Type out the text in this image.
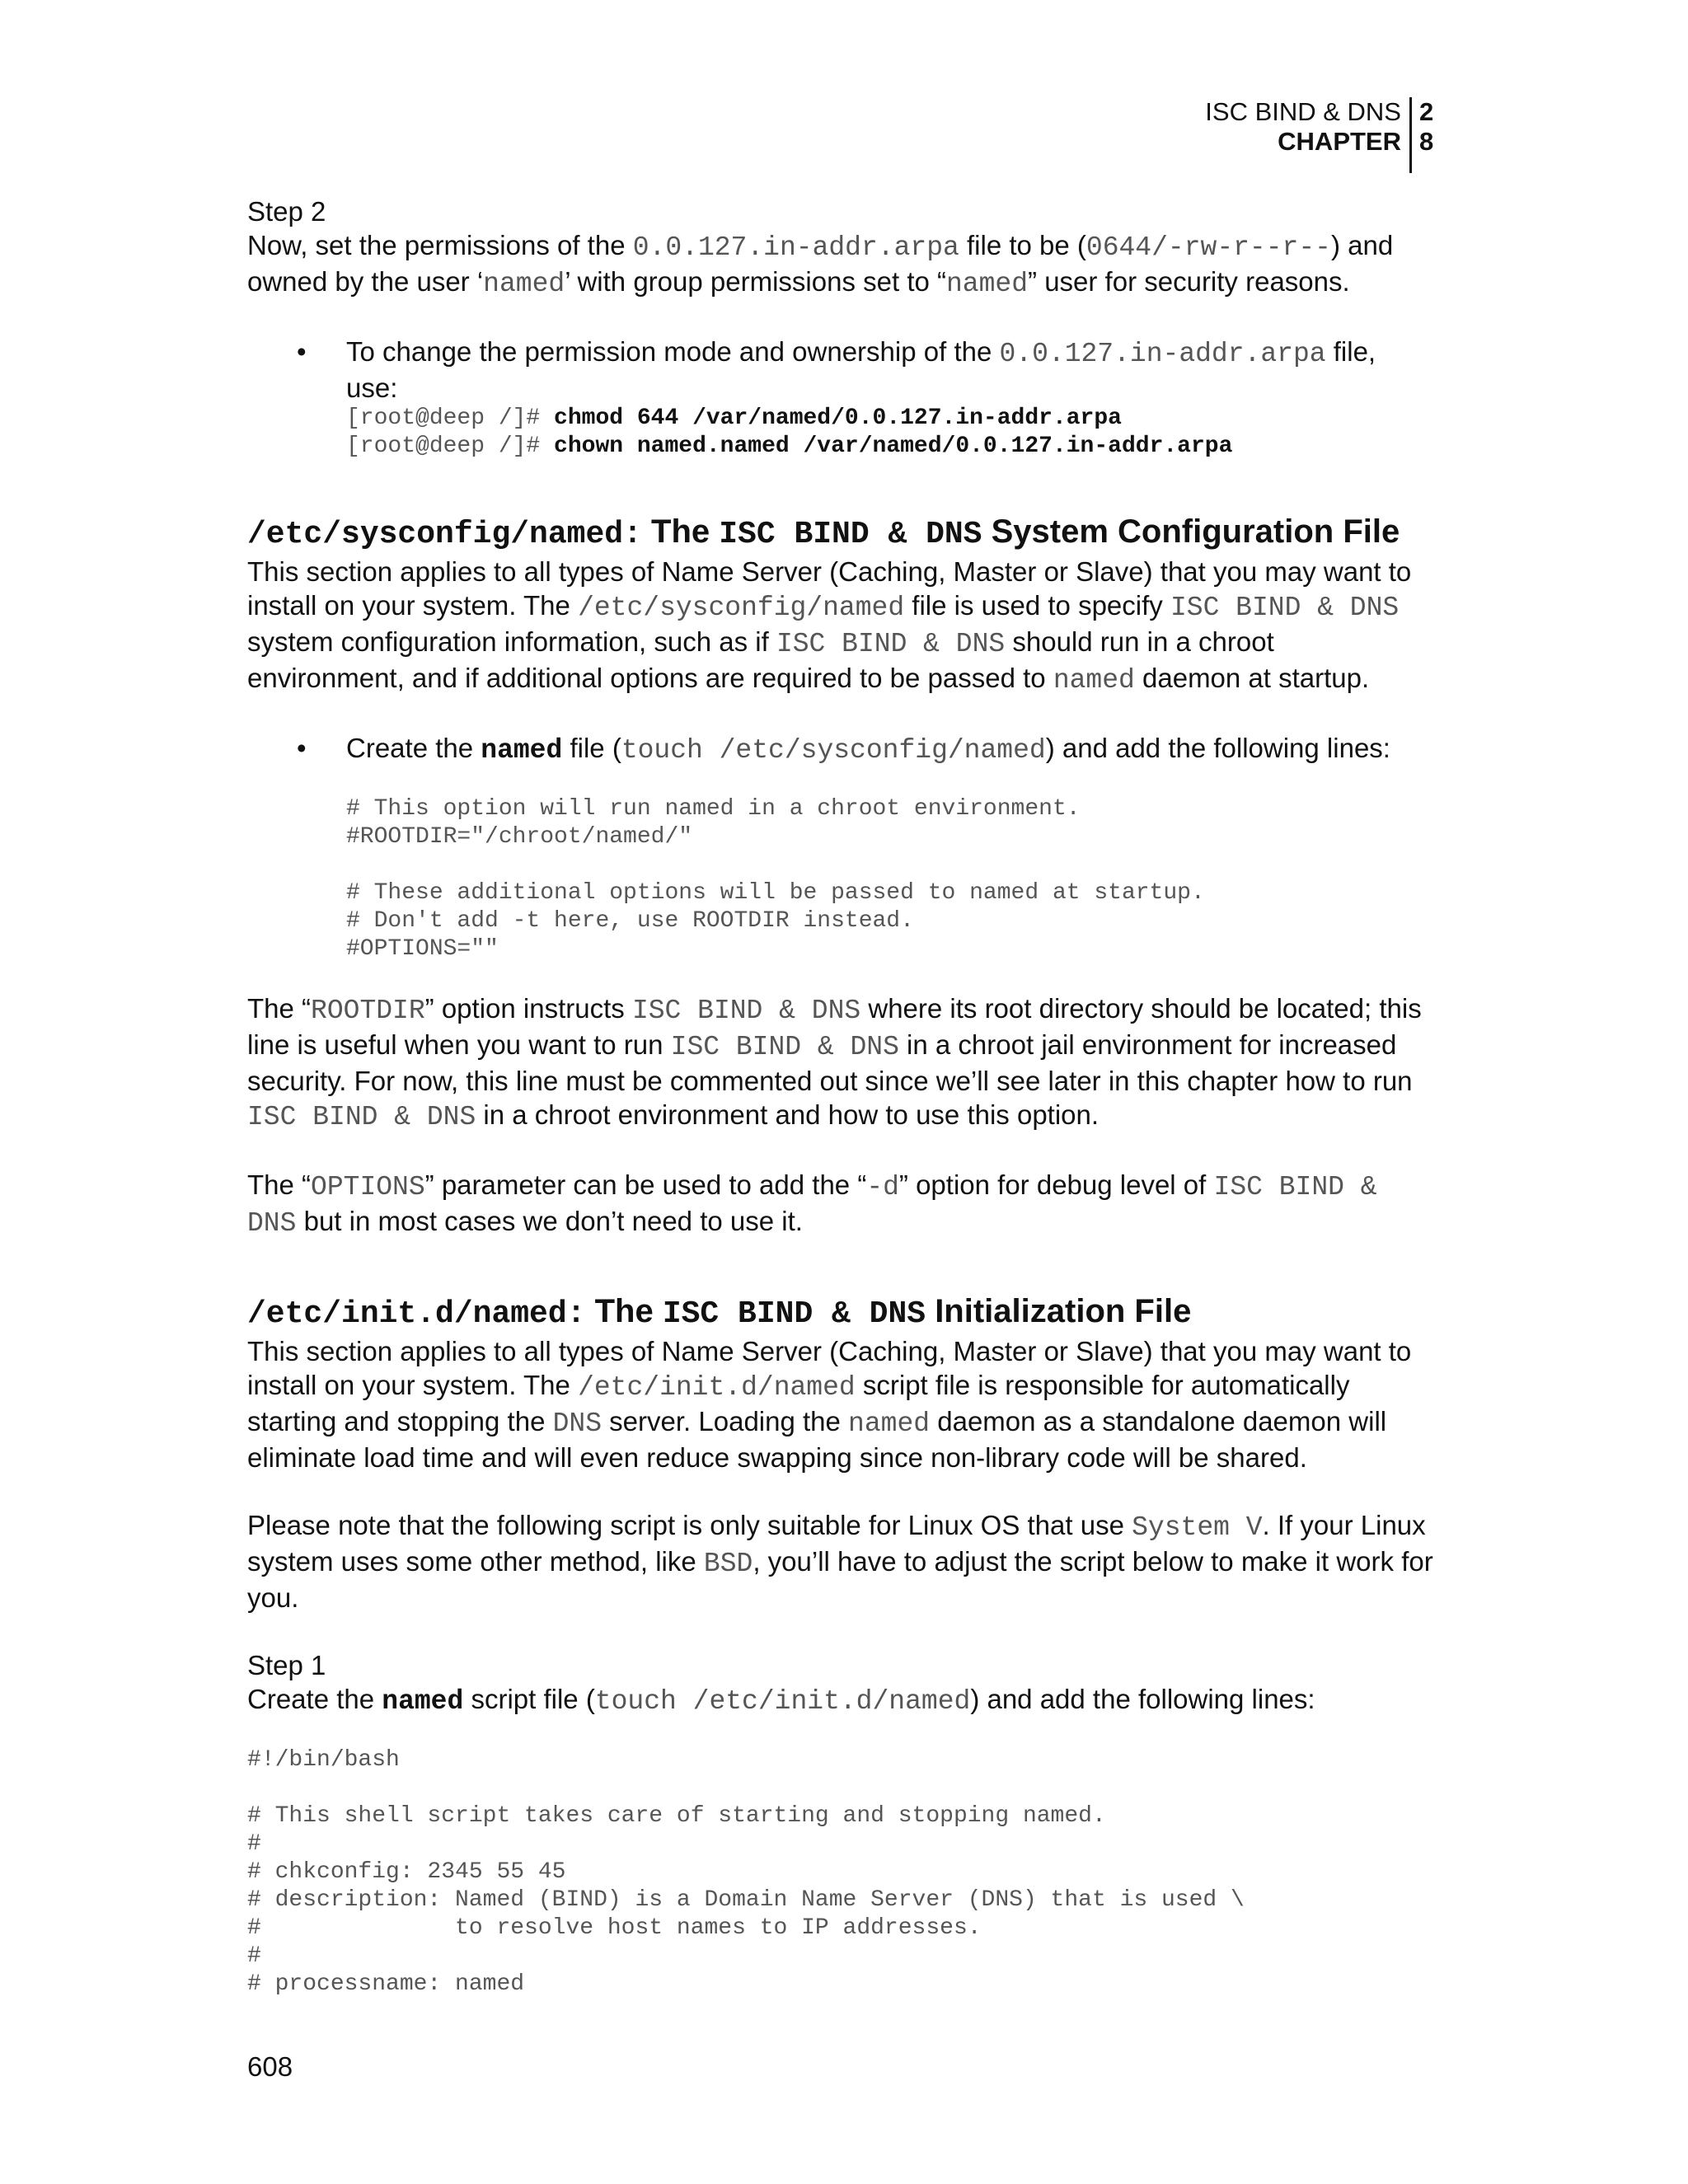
ISC BIND & DNS
CHAPTER
2
8

Step 2

Now, set the permissions of the 0.0.127.in-addr.arpa file to be (0644/-rw-r--r--) and owned by the user ‘named’ with group permissions set to “named” user for security reasons.

•	To change the permission mode and ownership of the 0.0.127.in-addr.arpa file, use:

[root@deep /]# chmod 644 /var/named/0.0.127.in-addr.arpa
[root@deep /]# chown named.named /var/named/0.0.127.in-addr.arpa

/etc/sysconfig/named: The ISC BIND & DNS System Configuration File

This section applies to all types of Name Server (Caching, Master or Slave) that you may want to install on your system. The /etc/sysconfig/named file is used to specify ISC BIND & DNS system configuration information, such as if ISC BIND & DNS should run in a chroot environment, and if additional options are required to be passed to named daemon at startup.

•	Create the named file (touch /etc/sysconfig/named) and add the following lines:

# This option will run named in a chroot environment.
#ROOTDIR="/chroot/named/"

# These additional options will be passed to named at startup.
# Don't add -t here, use ROOTDIR instead.
#OPTIONS=""

The “ROOTDIR” option instructs ISC BIND & DNS where its root directory should be located; this line is useful when you want to run ISC BIND & DNS in a chroot jail environment for increased security. For now, this line must be commented out since we’ll see later in this chapter how to run ISC BIND & DNS in a chroot environment and how to use this option.

The “OPTIONS” parameter can be used to add the “-d” option for debug level of ISC BIND & DNS but in most cases we don’t need to use it.

/etc/init.d/named: The ISC BIND & DNS Initialization File

This section applies to all types of Name Server (Caching, Master or Slave) that you may want to install on your system. The /etc/init.d/named script file is responsible for automatically starting and stopping the DNS server. Loading the named daemon as a standalone daemon will eliminate load time and will even reduce swapping since non-library code will be shared.

Please note that the following script is only suitable for Linux OS that use System V. If your Linux system uses some other method, like BSD, you’ll have to adjust the script below to make it work for you.

Step 1

Create the named script file (touch /etc/init.d/named) and add the following lines:

#!/bin/bash

# This shell script takes care of starting and stopping named.
#
# chkconfig: 2345 55 45
# description: Named (BIND) is a Domain Name Server (DNS) that is used \
#              to resolve host names to IP addresses.
#
# processname: named
608
